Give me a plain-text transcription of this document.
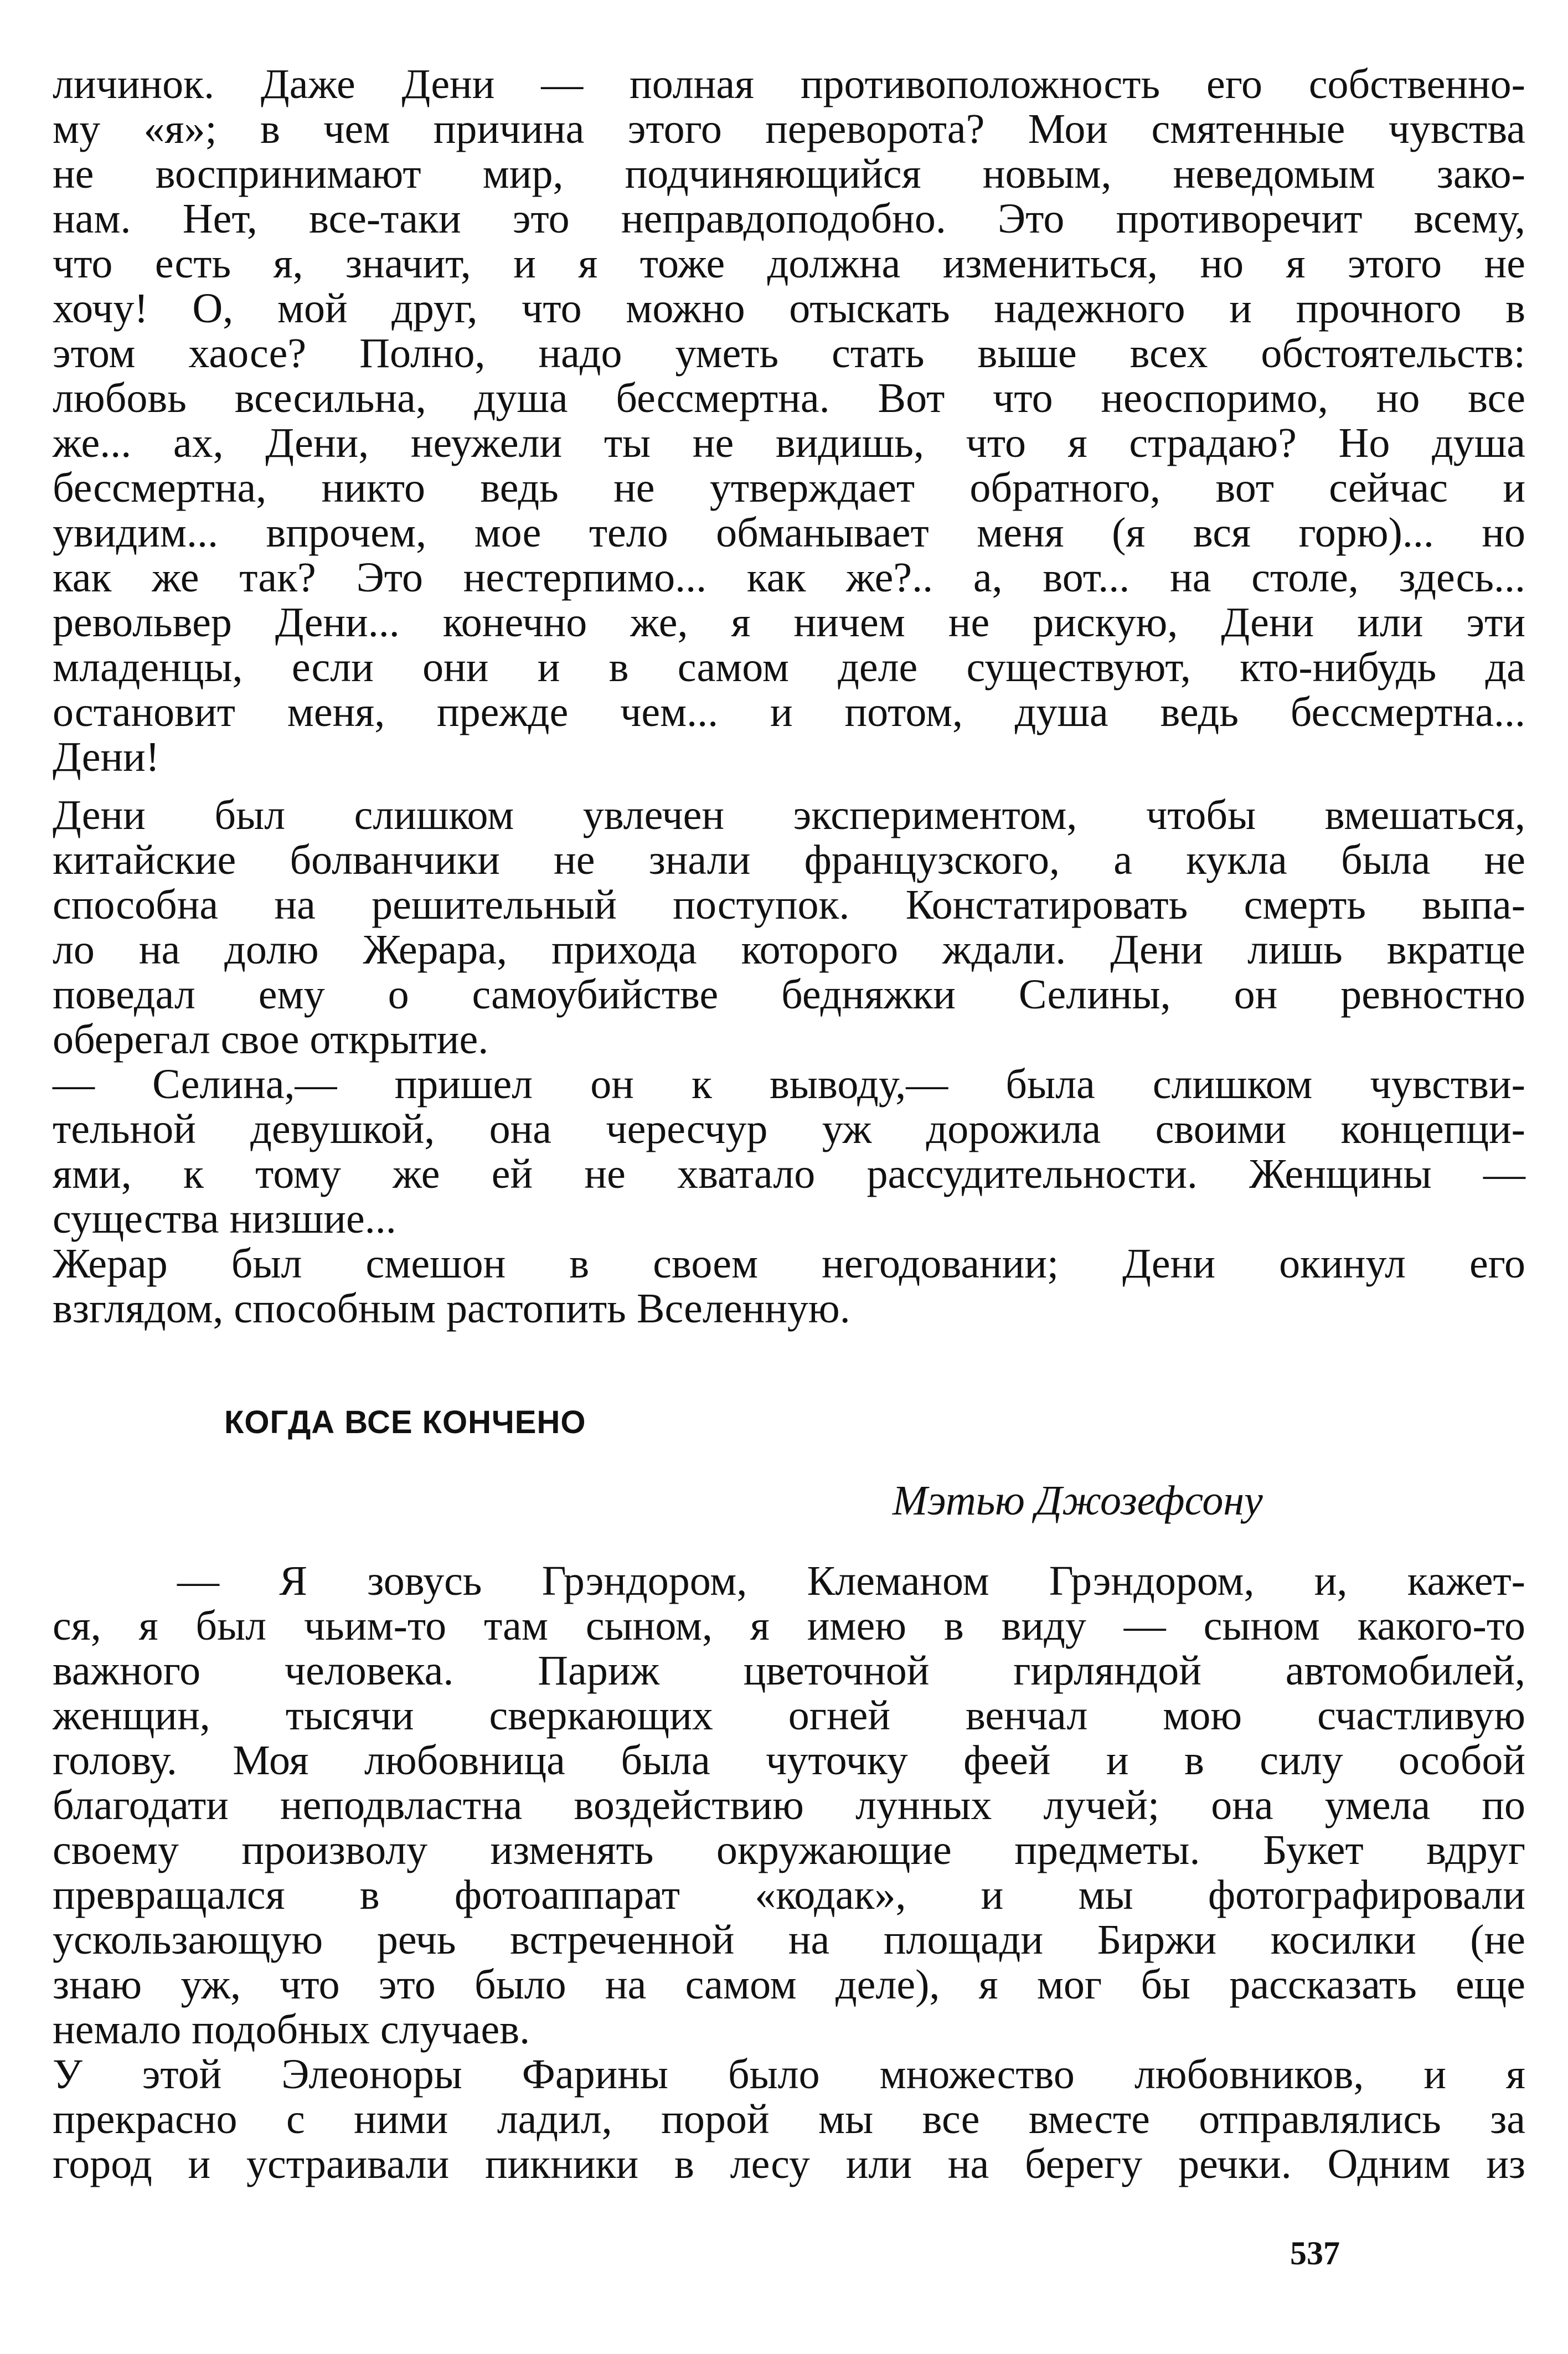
личинок. Даже Дени — полная противоположность его собственно-
му «я»; в чем причина этого переворота? Мои смятенные чувства
не воспринимают мир, подчиняющийся новым, неведомым зако-
нам. Нет, все-таки это неправдоподобно. Это противоречит всему,
что есть я, значит, и я тоже должна измениться, но я этого не
хочу! О, мой друг, что можно отыскать надежного и прочного в
этом хаосе? Полно, надо уметь стать выше всех обстоятельств:
любовь всесильна, душа бессмертна. Вот что неоспоримо, но все
же... ах, Дени, неужели ты не видишь, что я страдаю? Но душа
бессмертна, никто ведь не утверждает обратного, вот сейчас и
увидим... впрочем, мое тело обманывает меня (я вся горю)... но
как же так? Это нестерпимо... как же?.. а, вот... на столе, здесь...
револьвер Дени... конечно же, я ничем не рискую, Дени или эти
младенцы, если они и в самом деле существуют, кто-нибудь да
остановит меня, прежде чем... и потом, душа ведь бессмертна...
Дени!
Дени был слишком увлечен экспериментом, чтобы вмешаться,
китайские болванчики не знали французского, а кукла была не
способна на решительный поступок. Констатировать смерть выпа-
ло на долю Жерара, прихода которого ждали. Дени лишь вкратце
поведал ему о самоубийстве бедняжки Селины, он ревностно
оберегал свое открытие.
— Селина,— пришел он к выводу,— была слишком чувстви-
тельной девушкой, она чересчур уж дорожила своими концепци-
ями, к тому же ей не хватало рассудительности. Женщины —
существа низшие...
Жерар был смешон в своем негодовании; Дени окинул его
взглядом, способным растопить Вселенную.
КОГДА ВСЕ КОНЧЕНО
Мэтью Джозефсону
— Я зовусь Грэндором, Клеманом Грэндором, и, кажет-
ся, я был чьим-то там сыном, я имею в виду — сыном какого-то
важного человека. Париж цветочной гирляндой автомобилей,
женщин, тысячи сверкающих огней венчал мою счастливую
голову. Моя любовница была чуточку феей и в силу особой
благодати неподвластна воздействию лунных лучей; она умела по
своему произволу изменять окружающие предметы. Букет вдруг
превращался в фотоаппарат «кодак», и мы фотографировали
ускользающую речь встреченной на площади Биржи косилки (не
знаю уж, что это было на самом деле), я мог бы рассказать еще
немало подобных случаев.
У этой Элеоноры Фарины было множество любовников, и я
прекрасно с ними ладил, порой мы все вместе отправлялись за
город и устраивали пикники в лесу или на берегу речки. Одним из
537
